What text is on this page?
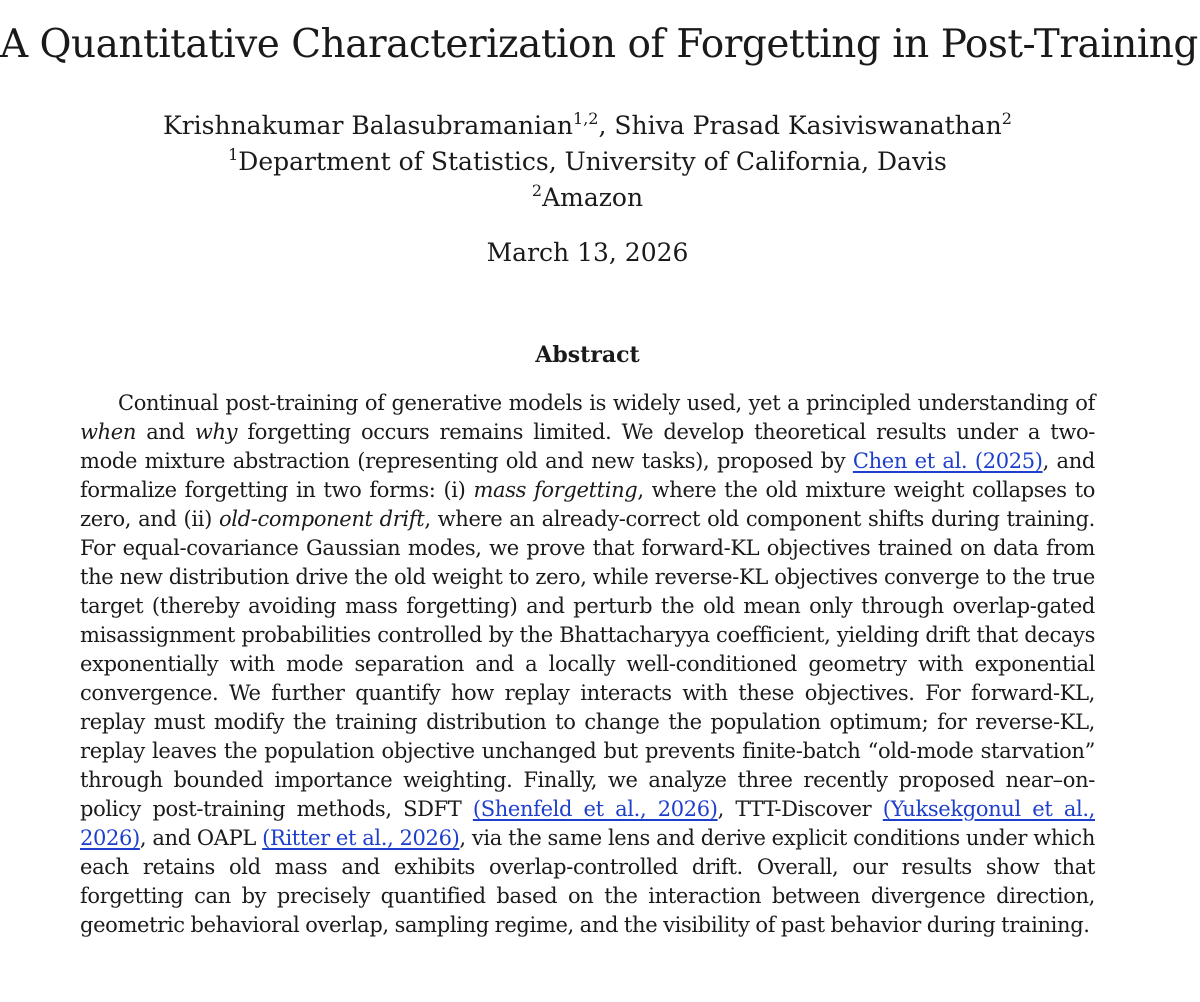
A Quantitative Characterization of Forgetting in Post-Training
Krishnakumar Balasubramanian$^{1,2}$, Shiva Prasad Kasiviswanathan$^2$
$^1$Department of Statistics, University of California, Davis
$^2$Amazon
March 13, 2026
Abstract

Continual post-training of generative models is widely used, yet a principled understanding of when and why forgetting occurs remains limited. We develop theoretical results under a two-mode mixture abstraction (representing old and new tasks), proposed by Chen et al. (2025), and formalize forgetting in two forms: (i) mass forgetting, where the old mixture weight collapses to zero, and (ii) old-component drift, where an already-correct old component shifts during training. For equal-covariance Gaussian modes, we prove that forward-KL objectives trained on data from the new distribution drive the old weight to zero, while reverse-KL objectives converge to the true target (thereby avoiding mass forgetting) and perturb the old mean only through overlap-gated misassignment probabilities controlled by the Bhattacharyya coefficient, yielding drift that decays exponentially with mode separation and a locally well-conditioned geometry with exponential convergence. We further quantify how replay interacts with these objectives. For forward-KL, replay must modify the training distribution to change the population optimum; for reverse-KL, replay leaves the population objective unchanged but prevents finite-batch “old-mode starvation” through bounded importance weighting. Finally, we analyze three recently proposed near–on-policy post-training methods, SDFT (Shenfeld et al., 2026), TTT-Discover (Yuksekgonul et al., 2026), and OAPL (Ritter et al., 2026), via the same lens and derive explicit conditions under which each retains old mass and exhibits overlap-controlled drift. Overall, our results show that forgetting can by precisely quantified based on the interaction between divergence direction, geometric behavioral overlap, sampling regime, and the visibility of past behavior during training.
